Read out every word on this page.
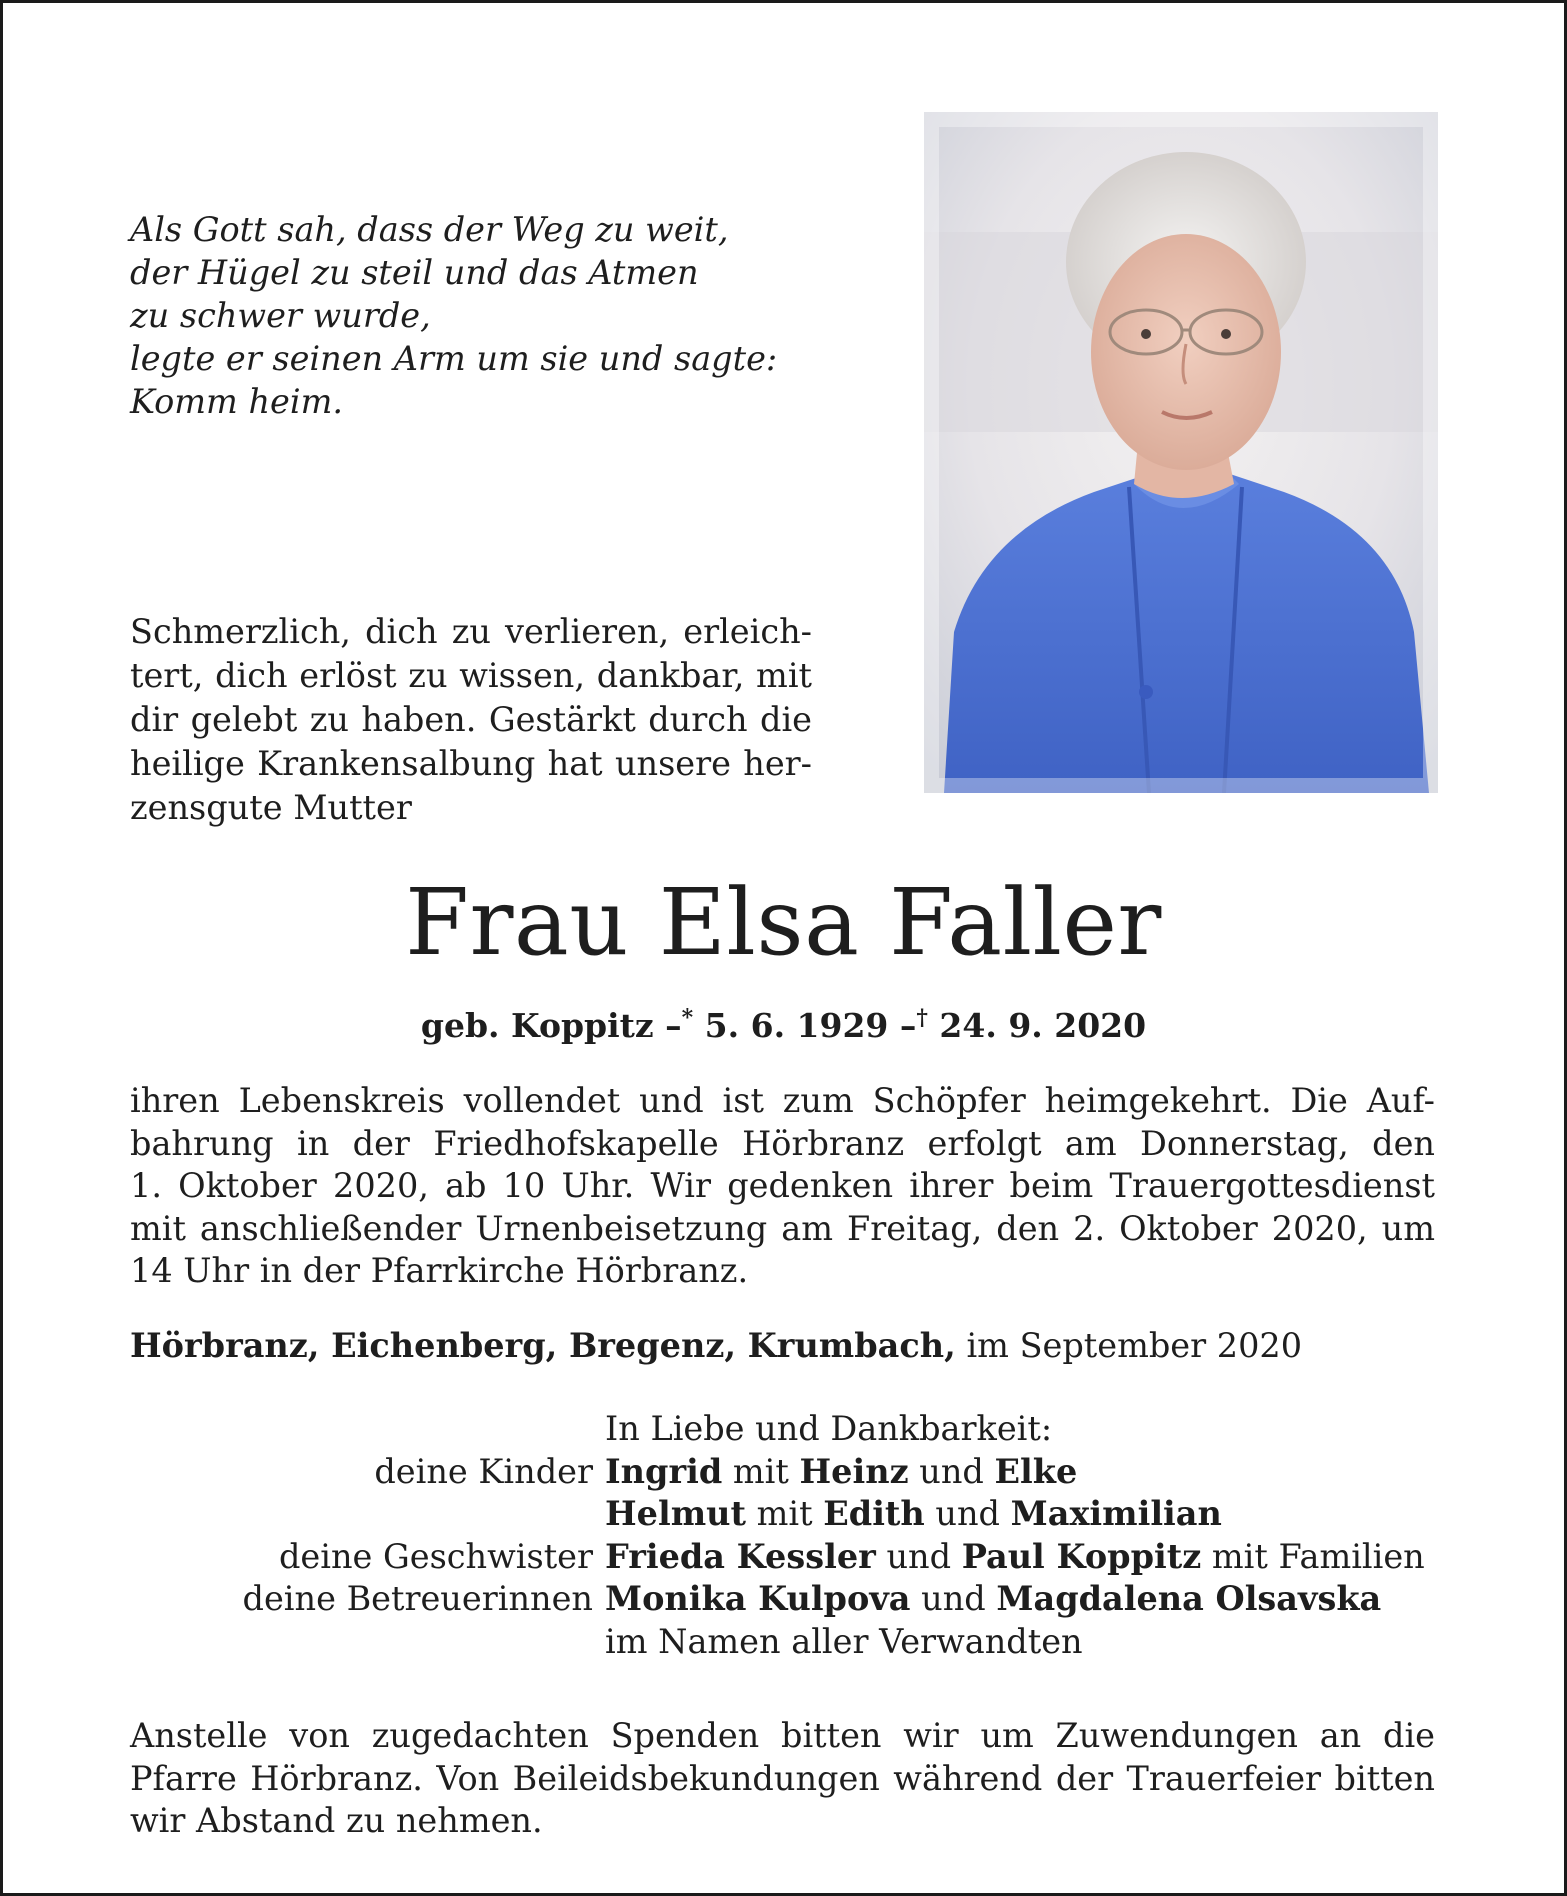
Als Gott sah, dass der Weg zu weit,
der Hügel zu steil und das Atmen
zu schwer wurde,
legte er seinen Arm um sie und sagte:
Komm heim.
Schmerzlich, dich zu verlieren, erleich-
tert, dich erlöst zu wissen, dankbar, mit
dir gelebt zu haben. Gestärkt durch die
heilige Krankensalbung hat unsere her-
zensgute Mutter
Frau Elsa Faller
geb. Koppitz –* 5. 6. 1929 –† 24. 9. 2020
ihren Lebenskreis vollendet und ist zum Schöpfer heimgekehrt. Die Auf-
bahrung in der Friedhofskapelle Hörbranz erfolgt am Donnerstag, den
1. Oktober 2020, ab 10 Uhr. Wir gedenken ihrer beim Trauergottesdienst
mit anschließender Urnenbeisetzung am Freitag, den 2. Oktober 2020, um
14 Uhr in der Pfarrkirche Hörbranz.
Hörbranz, Eichenberg, Bregenz, Krumbach, im September 2020
In Liebe und Dankbarkeit:
deine Kinder Ingrid mit Heinz und Elke
Helmut mit Edith und Maximilian
deine Geschwister Frieda Kessler und Paul Koppitz mit Familien
deine Betreuerinnen Monika Kulpova und Magdalena Olsavska
im Namen aller Verwandten
Anstelle von zugedachten Spenden bitten wir um Zuwendungen an die
Pfarre Hörbranz. Von Beileidsbekundungen während der Trauerfeier bitten
wir Abstand zu nehmen.
